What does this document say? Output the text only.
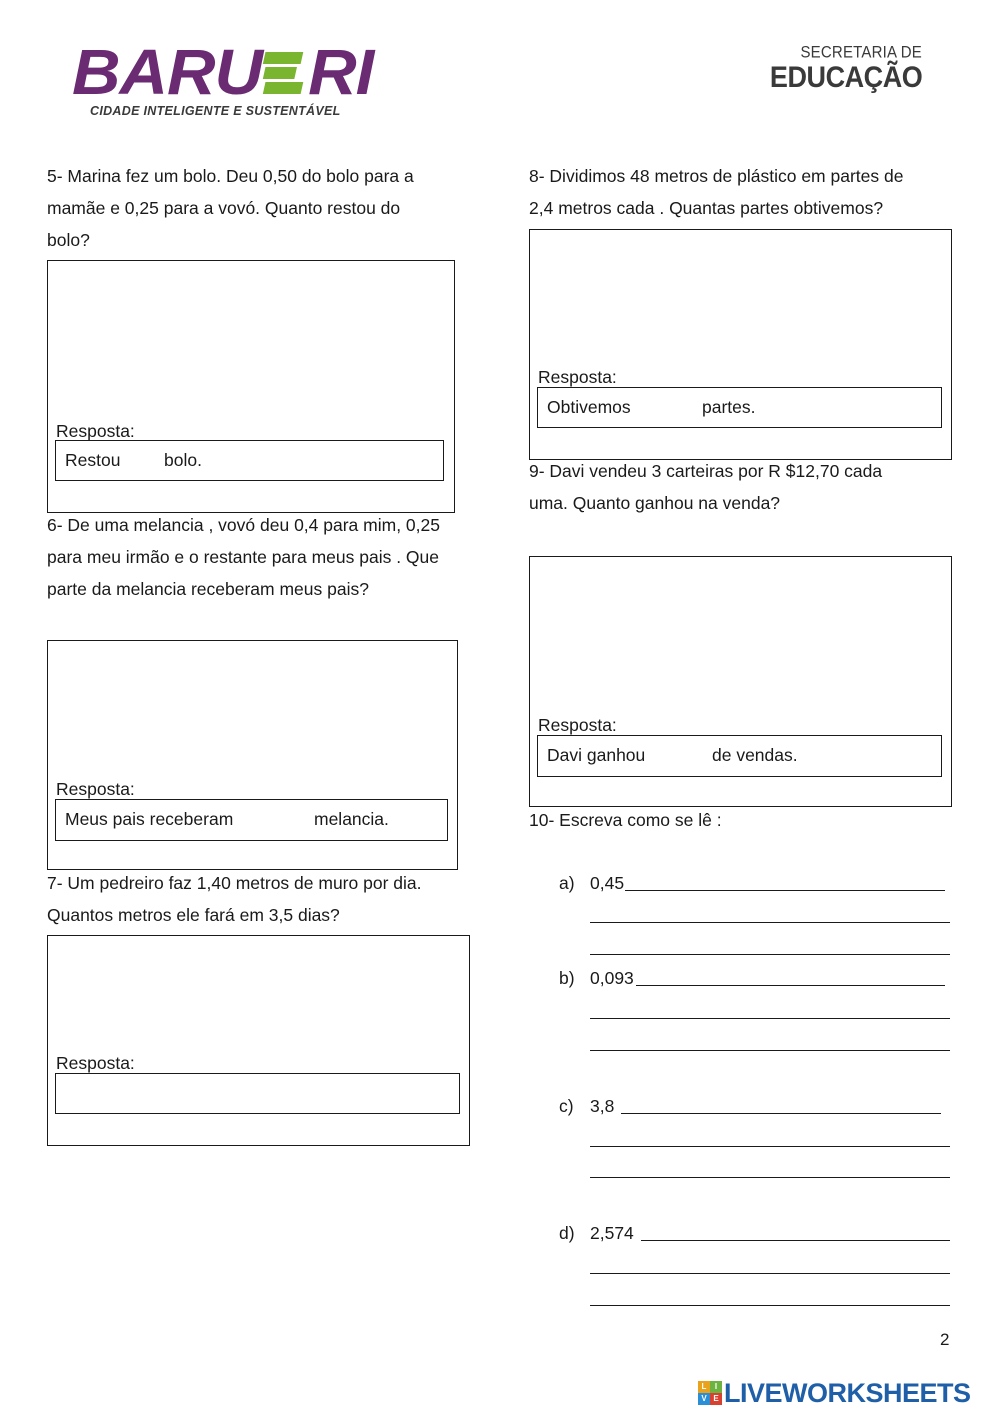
BARU RI
CIDADE INTELIGENTE E SUSTENTÁVEL
SECRETARIA DE
EDUCAÇÃO
5- Marina fez um bolo. Deu 0,50 do bolo para a
mamãe e 0,25 para a vovó. Quanto restou do
bolo?
Resposta:
Restou bolo.
6- De uma melancia , vovó deu 0,4 para mim, 0,25
para meu irmão e o restante para meus pais . Que
parte da melancia receberam meus pais?
Resposta:
Meus pais receberam	melancia.
7- Um pedreiro faz 1,40 metros de muro por dia.
Quantos metros ele fará em 3,5 dias?
Resposta:
8- Dividimos 48 metros de plástico em partes de
2,4 metros cada . Quantas partes obtivemos?
Resposta:
Obtivemos	partes.
9- Davi vendeu 3 carteiras por R $12,70 cada
uma. Quanto ganhou na venda?
Resposta:
Davi ganhou	de vendas.
10- Escreva como se lê :
a) 0,45
b) 0,093
c) 3,8
d) 2,574
2
L	I
V E LIVEWORKSHEETS
